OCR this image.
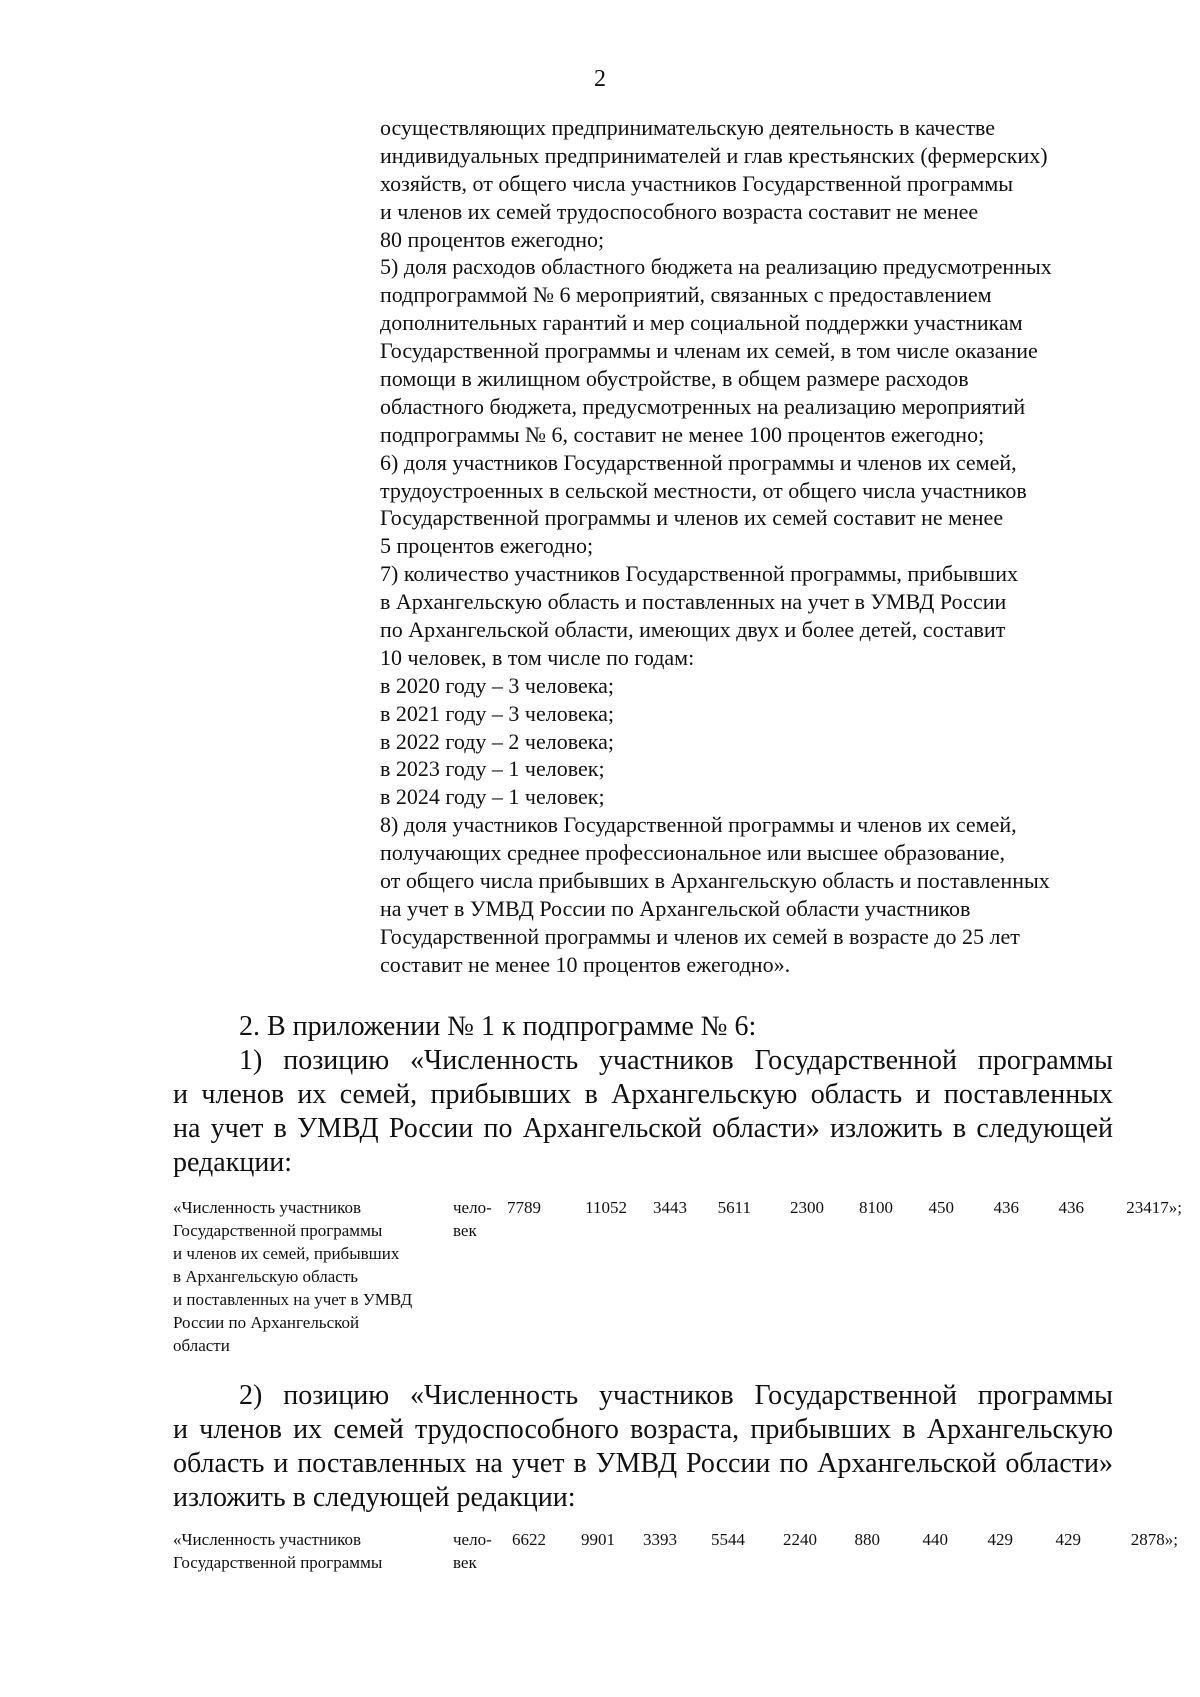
2
осуществляющих предпринимательскую деятельность в качестве
индивидуальных предпринимателей и глав крестьянских (фермерских)
хозяйств, от общего числа участников Государственной программы
и членов их семей трудоспособного возраста составит не менее
80 процентов ежегодно;
5) доля расходов областного бюджета на реализацию предусмотренных
подпрограммой № 6 мероприятий, связанных с предоставлением
дополнительных гарантий и мер социальной поддержки участникам
Государственной программы и членам их семей, в том числе оказание
помощи в жилищном обустройстве, в общем размере расходов
областного бюджета, предусмотренных на реализацию мероприятий
подпрограммы № 6, составит не менее 100 процентов ежегодно;
6) доля участников Государственной программы и членов их семей,
трудоустроенных в сельской местности, от общего числа участников
Государственной программы и членов их семей составит не менее
5 процентов ежегодно;
7) количество участников Государственной программы, прибывших
в Архангельскую область и поставленных на учет в УМВД России
по Архангельской области, имеющих двух и более детей, составит
10 человек, в том числе по годам:
в 2020 году – 3 человека;
в 2021 году – 3 человека;
в 2022 году – 2 человека;
в 2023 году – 1 человек;
в 2024 году – 1 человек;
8) доля участников Государственной программы и членов их семей,
получающих среднее профессиональное или высшее образование,
от общего числа прибывших в Архангельскую область и поставленных
на учет в УМВД России по Архангельской области участников
Государственной программы и членов их семей в возрасте до 25 лет
составит не менее 10 процентов ежегодно».
2. В приложении № 1 к подпрограмме № 6:
1) позицию «Численность участников Государственной программы
и членов их семей, прибывших в Архангельскую область и поставленных
на учет в УМВД России по Архангельской области» изложить в следующей
редакции:
«Численность участников
Государственной программы
и членов их семей, прибывших
в Архангельскую область
и поставленных на учет в УМВД
России по Архангельской
области
чело-
век
7789	11052 3443 5611 2300 8100 450 436 436 23417»;
2) позицию «Численность участников Государственной программы
и членов их семей трудоспособного возраста, прибывших в Архангельскую
область и поставленных на учет в УМВД России по Архангельской области»
изложить в следующей редакции:
«Численность участников
Государственной программы
чело-
век
6622 9901 3393 5544 2240 880	440 429	429	2878»;
